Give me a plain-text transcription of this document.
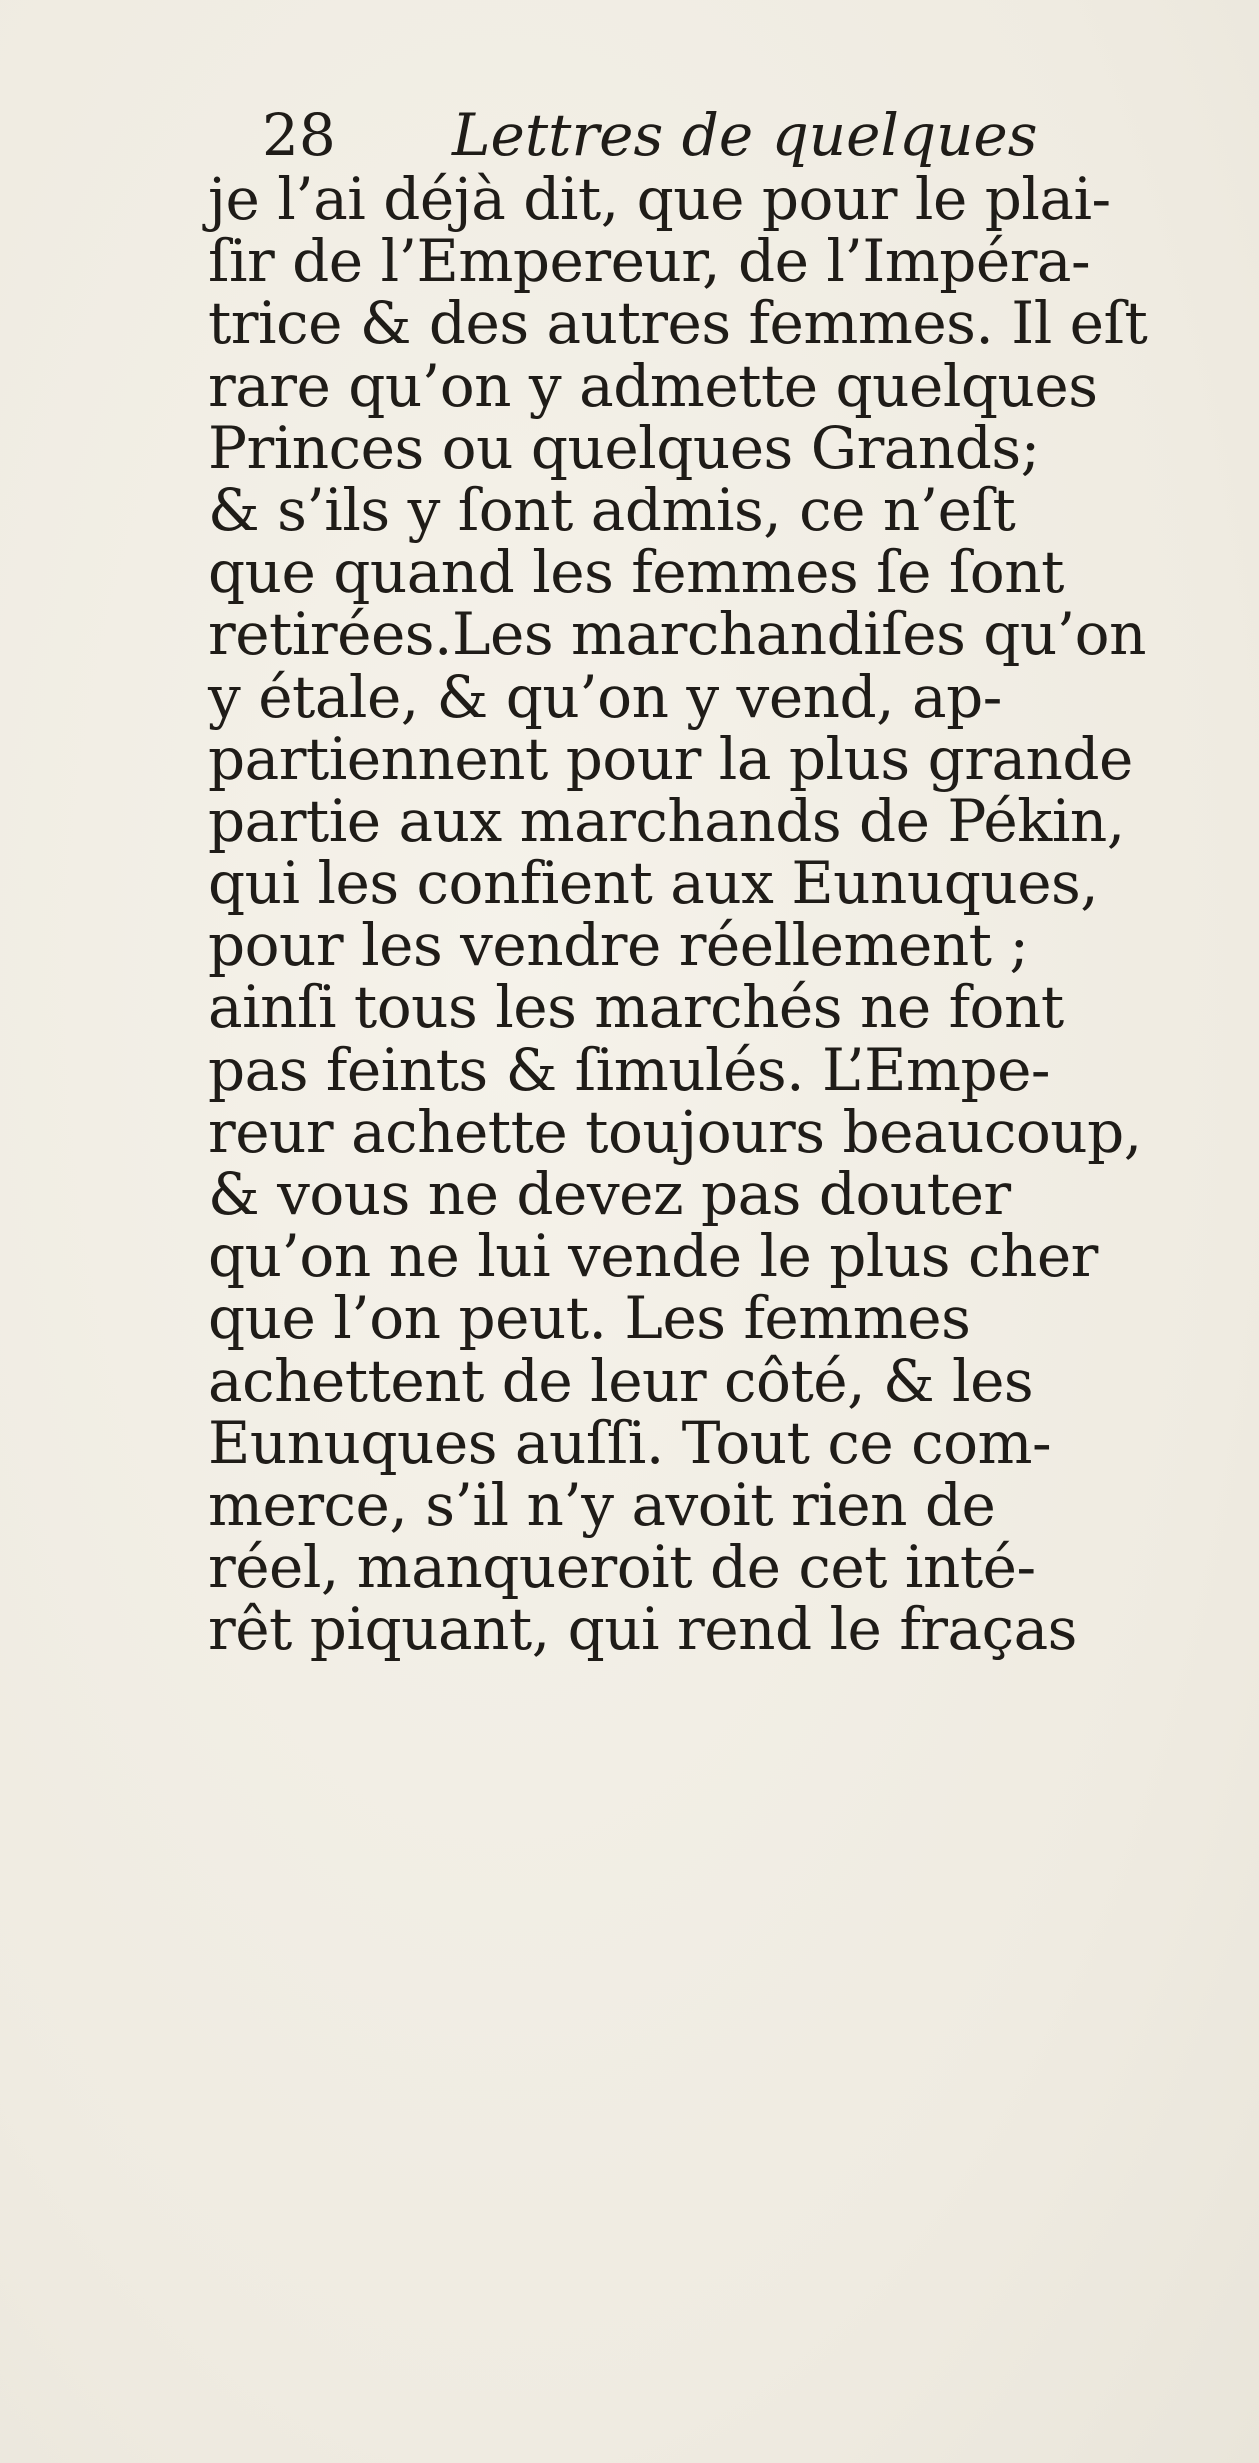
28 Lettres de quelques
je l’ai déjà dit, que pour le plai-
ſir de l’Empereur, de l’Impéra-
trice & des autres femmes. Il eſt
rare qu’on y admette quelques
Princes ou quelques Grands;
& s’ils y ſont admis, ce n’eſt
que quand les femmes ſe ſont
retirées.Les marchandiſes qu’on
y étale, & qu’on y vend, ap-
partiennent pour la plus grande
partie aux marchands de Pékin,
qui les confient aux Eunuques,
pour les vendre réellement ;
ainſi tous les marchés ne font
pas feints & ſimulés. L’Empe-
reur achette toujours beaucoup,
& vous ne devez pas douter
qu’on ne lui vende le plus cher
que l’on peut. Les femmes
achettent de leur côté, & les
Eunuques auſſi. Tout ce com-
merce, s’il n’y avoit rien de
réel, manqueroit de cet inté-
rêt piquant, qui rend le fraças
